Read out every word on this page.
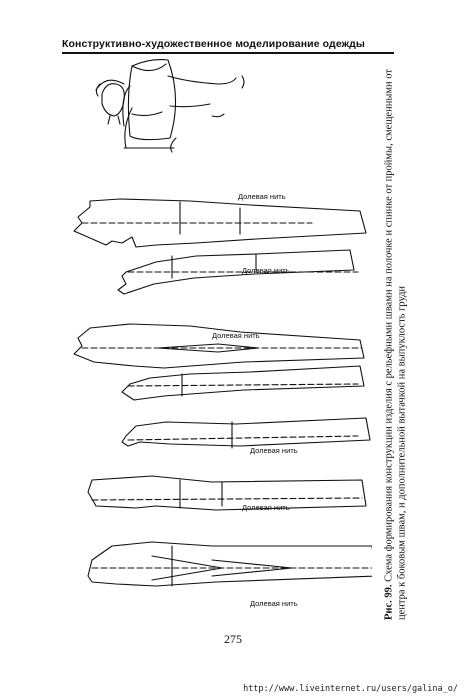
Конструктивно-художественное моделирование одежды
Долевая нить
Долевая нить
Долевая нить
Долевая нить
Долевая нить
Долевая нить	Рис. 99. Схема формирования конструкции изделия с рельефными швами на полочке и спинке от проймы, смещенными от центра к боковым швам, и дополнительной вытачкой на выпуклость груди
275
http://www.liveinternet.ru/users/galina_o/
